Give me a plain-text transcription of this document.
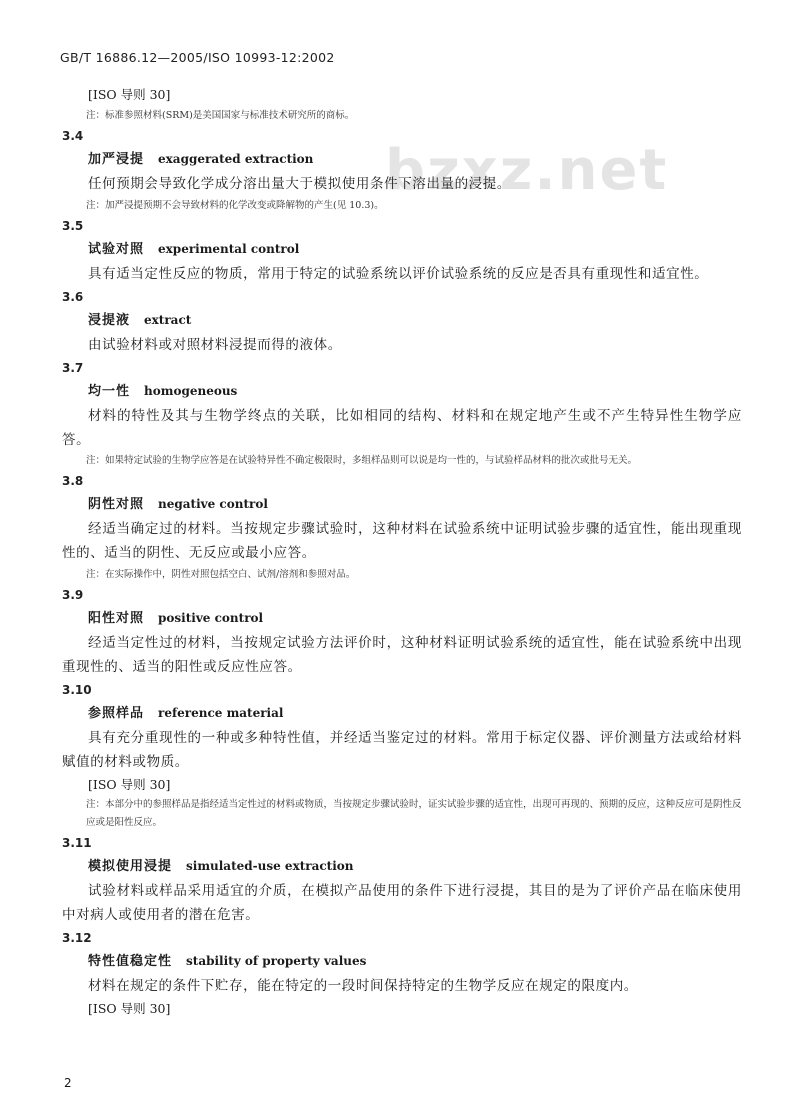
GB/T 16886.12—2005/ISO 10993-12:2002
bzxz.net
[ISO 导则 30]
注：标准参照材料(SRM)是美国国家与标准技术研究所的商标。
3.4
加严浸提 exaggerated extraction
任何预期会导致化学成分溶出量大于模拟使用条件下溶出量的浸提。
注：加严浸提预期不会导致材料的化学改变或降解物的产生(见 10.3)。
3.5
试验对照 experimental control
具有适当定性反应的物质，常用于特定的试验系统以评价试验系统的反应是否具有重现性和适宜性。
3.6
浸提液 extract
由试验材料或对照材料浸提而得的液体。
3.7
均一性 homogeneous
材料的特性及其与生物学终点的关联，比如相同的结构、材料和在规定地产生或不产生特异性生物学应答。
注：如果特定试验的生物学应答是在试验特异性不确定极限时，多组样品则可以说是均一性的，与试验样品材料的批次或批号无关。
3.8
阴性对照 negative control
经适当确定过的材料。当按规定步骤试验时，这种材料在试验系统中证明试验步骤的适宜性，能出现重现性的、适当的阴性、无反应或最小应答。
注：在实际操作中，阴性对照包括空白、试剂/溶剂和参照对品。
3.9
阳性对照 positive control
经适当定性过的材料，当按规定试验方法评价时，这种材料证明试验系统的适宜性，能在试验系统中出现重现性的、适当的阳性或反应性应答。
3.10
参照样品 reference material
具有充分重现性的一种或多种特性值，并经适当鉴定过的材料。常用于标定仪器、评价测量方法或给材料赋值的材料或物质。
[ISO 导则 30]
注：本部分中的参照样品是指经适当定性过的材料或物质，当按规定步骤试验时，证实试验步骤的适宜性，出现可再现的、预期的反应，这种反应可是阴性反应或是阳性反应。
3.11
模拟使用浸提 simulated-use extraction
试验材料或样品采用适宜的介质，在模拟产品使用的条件下进行浸提，其目的是为了评价产品在临床使用中对病人或使用者的潜在危害。
3.12
特性值稳定性 stability of property values
材料在规定的条件下贮存，能在特定的一段时间保持特定的生物学反应在规定的限度内。
[ISO 导则 30]
2
